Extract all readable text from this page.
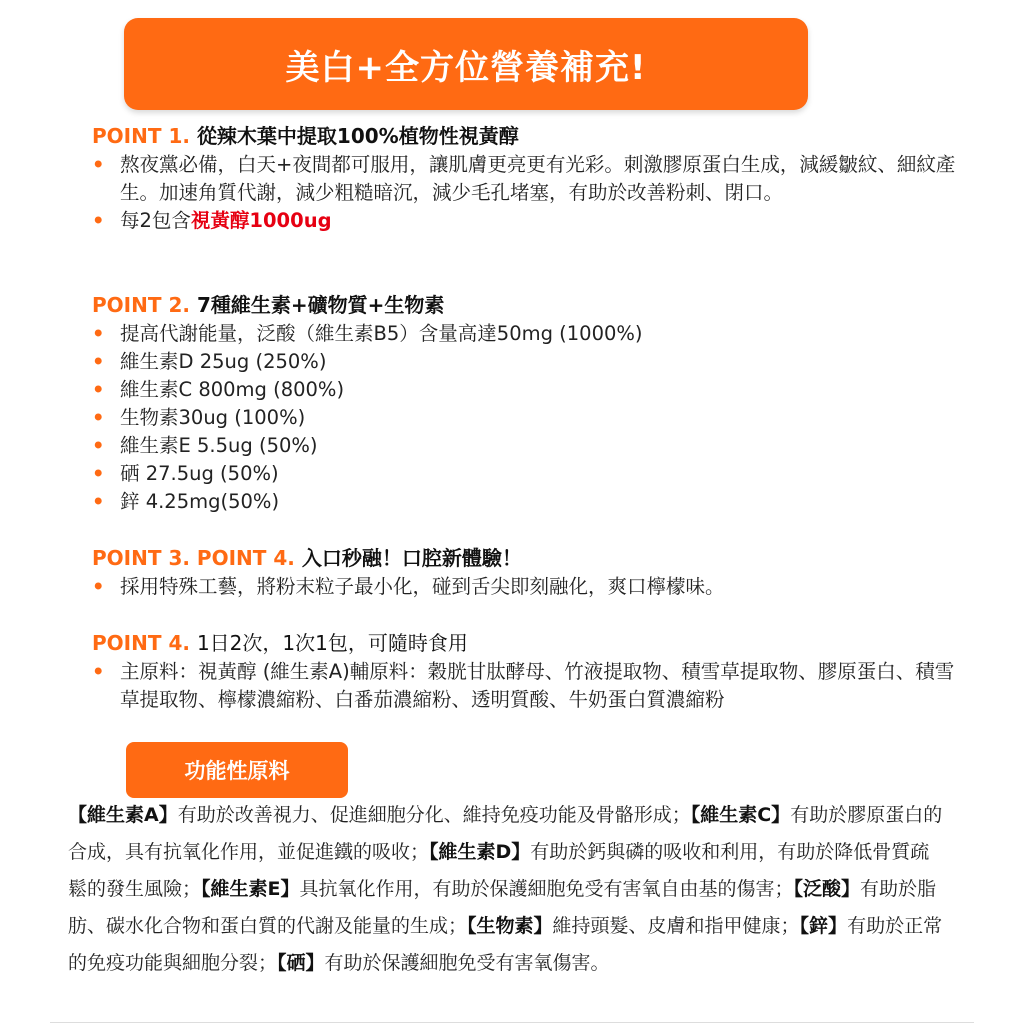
美白+全方位營養補充!
POINT 1. 從辣木葉中提取100%植物性視黃醇
• 熬夜黨必備，白天+夜間都可服用，讓肌膚更亮更有光彩。刺激膠原蛋白生成，減緩皺紋、細紋產生。加速角質代謝，減少粗糙暗沉，減少毛孔堵塞，有助於改善粉刺、閉口。
• 每2包含視黃醇1000ug
POINT 2. 7種維生素+礦物質+生物素
• 提高代謝能量，泛酸（維生素B5）含量高達50mg (1000%)
• 維生素D 25ug (250%)
• 維生素C 800mg (800%)
• 生物素30ug (100%)
• 維生素E 5.5ug (50%)
• 硒 27.5ug (50%)
• 鋅 4.25mg(50%)
POINT 3. POINT 4. 入口秒融！口腔新體驗！
• 採用特殊工藝，將粉末粒子最小化，碰到舌尖即刻融化，爽口檸檬味。
POINT 4. 1日2次，1次1包，可隨時食用
• 主原料：視黃醇 (維生素A)輔原料：穀胱甘肽酵母、竹液提取物、積雪草提取物、膠原蛋白、積雪草提取物、檸檬濃縮粉、白番茄濃縮粉、透明質酸、牛奶蛋白質濃縮粉
功能性原料
【維生素A】有助於改善視力、促進細胞分化、維持免疫功能及骨骼形成；【維生素C】有助於膠原蛋白的合成，具有抗氧化作用，並促進鐵的吸收；【維生素D】有助於鈣與磷的吸收和利用，有助於降低骨質疏鬆的發生風險；【維生素E】具抗氧化作用，有助於保護細胞免受有害氧自由基的傷害；【泛酸】有助於脂肪、碳水化合物和蛋白質的代謝及能量的生成；【生物素】維持頭髮、皮膚和指甲健康；【鋅】有助於正常的免疫功能與細胞分裂；【硒】有助於保護細胞免受有害氧傷害。
